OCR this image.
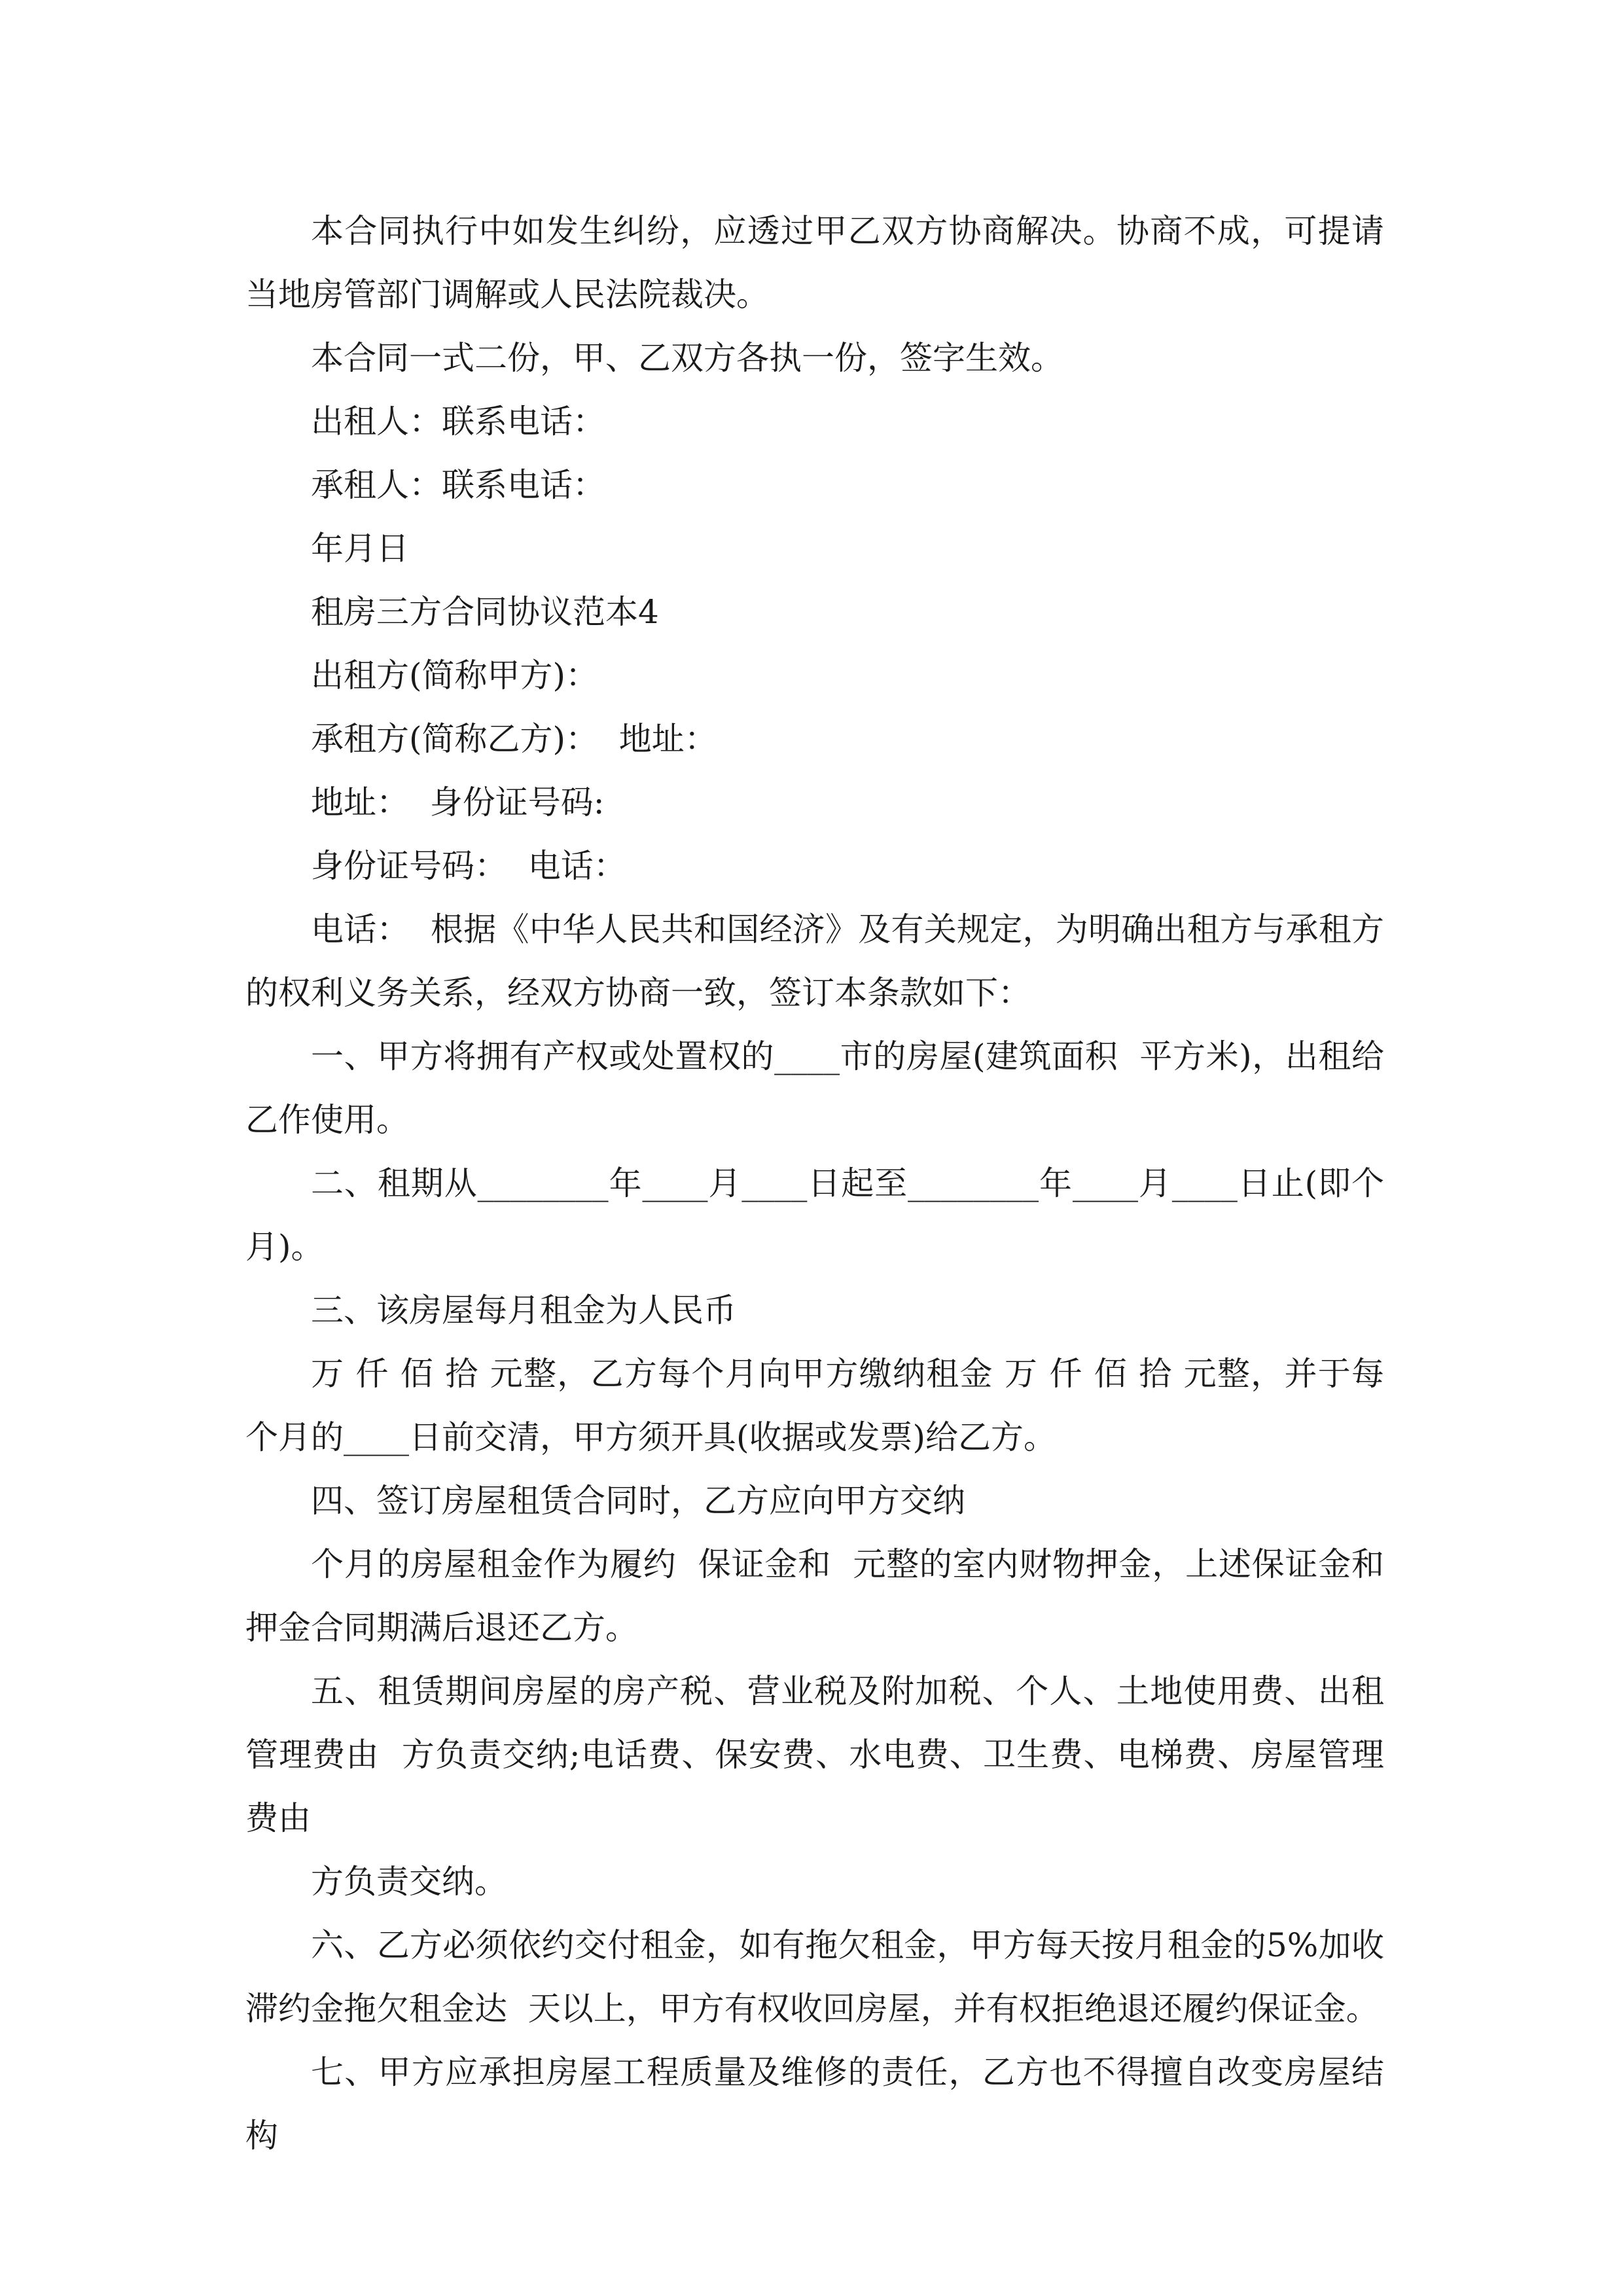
本合同执行中如发生纠纷，应透过甲乙双方协商解决。协商不成，可提请当地房管部门调解或人民法院裁决。

本合同一式二份，甲、乙双方各执一份，签字生效。

出租人：联系电话：

承租人：联系电话：

年月日

租房三方合同协议范本4

出租方(简称甲方)：

承租方(简称乙方)：  地址：

地址：  身份证号码:

身份证号码：  电话：

电话：  根据《中华人民共和国经济》及有关规定，为明确出租方与承租方的权利义务关系，经双方协商一致，签订本条款如下：

一、甲方将拥有产权或处置权的____市的房屋(建筑面积  平方米)，出租给乙作使用。

二、租期从________年____月____日起至________年____月____日止(即个月)。

三、该房屋每月租金为人民币

万 仟 佰 拾 元整，乙方每个月向甲方缴纳租金 万 仟 佰 拾 元整，并于每个月的____日前交清，甲方须开具(收据或发票)给乙方。

四、签订房屋租赁合同时，乙方应向甲方交纳

个月的房屋租金作为履约  保证金和  元整的室内财物押金，上述保证金和押金合同期满后退还乙方。

五、租赁期间房屋的房产税、营业税及附加税、个人、土地使用费、出租管理费由  方负责交纳;电话费、保安费、水电费、卫生费、电梯费、房屋管理费由

方负责交纳。

六、乙方必须依约交付租金，如有拖欠租金，甲方每天按月租金的5%加收滞约金拖欠租金达  天以上，甲方有权收回房屋，并有权拒绝退还履约保证金。

七、甲方应承担房屋工程质量及维修的责任，乙方也不得擅自改变房屋结构
